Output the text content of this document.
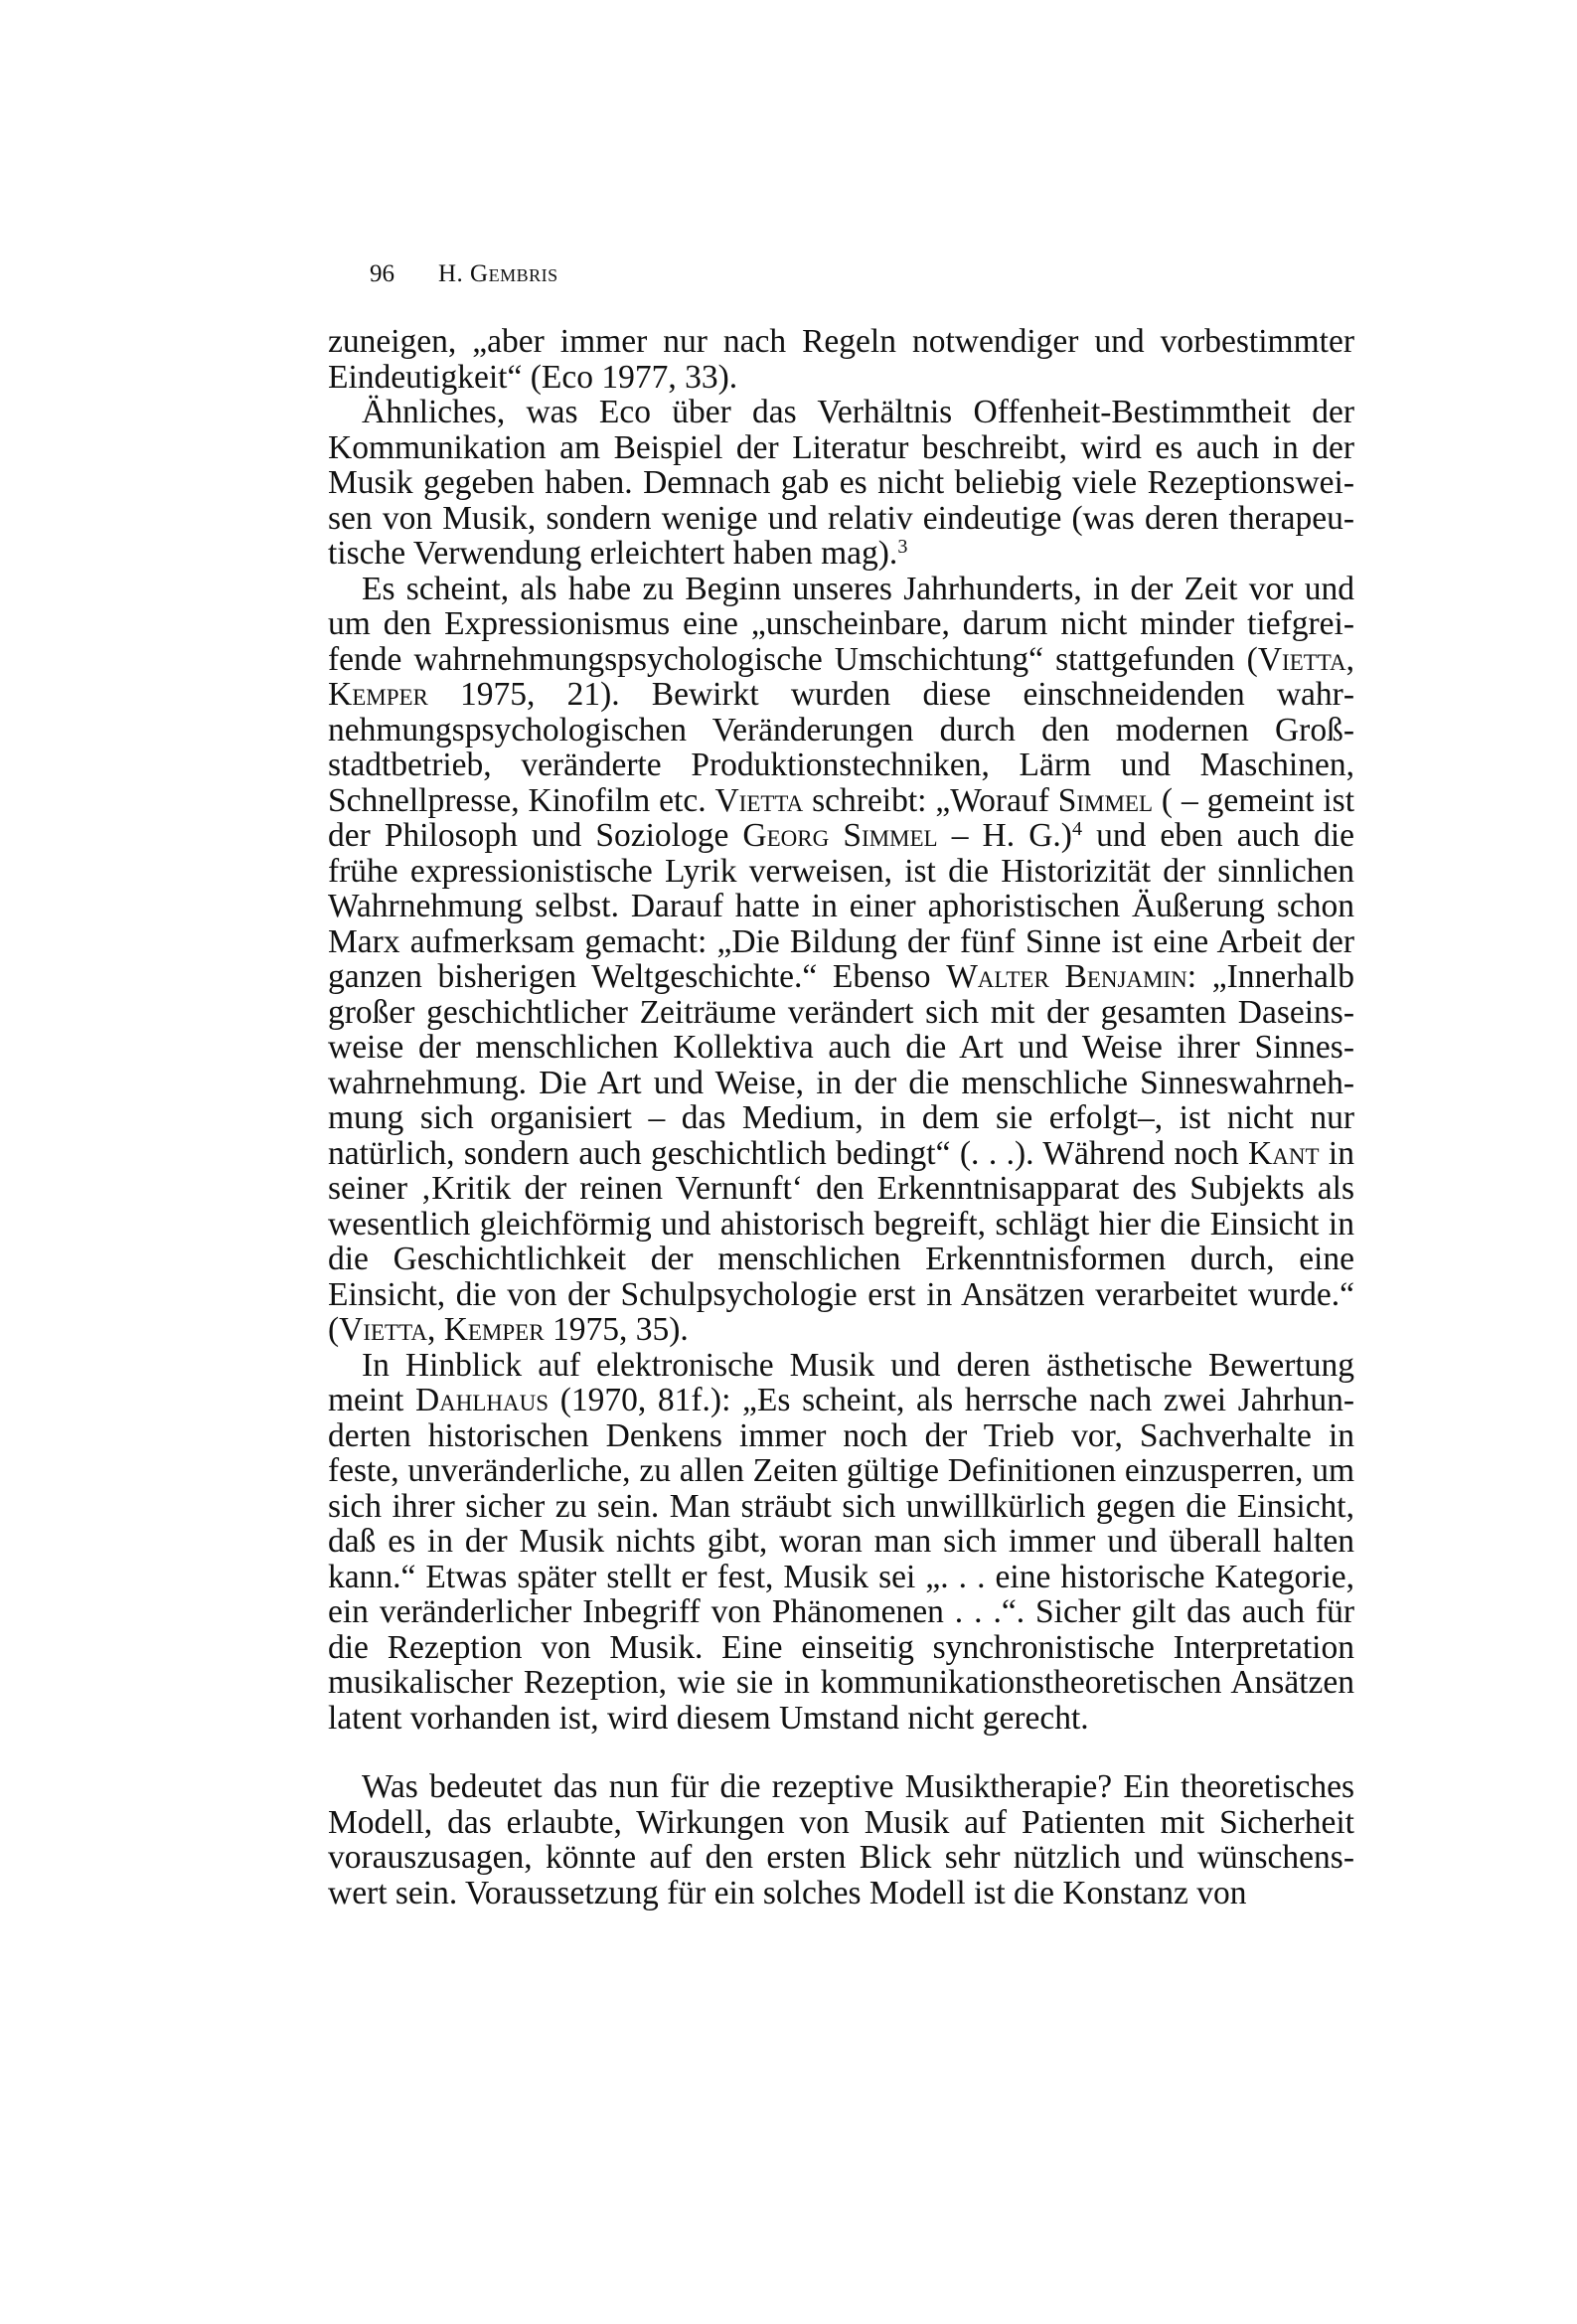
96 H. Gembris

zuneigen, „aber immer nur nach Regeln notwendiger und vorbestimmter Eindeutigkeit“ (Eco 1977, 33).

Ähnliches, was Eco über das Verhältnis Offenheit-Bestimmtheit der Kommunikation am Beispiel der Literatur beschreibt, wird es auch in der Musik gegeben haben. Demnach gab es nicht beliebig viele Rezeptionsweisen von Musik, sondern wenige und relativ eindeutige (was deren therapeutische Verwendung erleichtert haben mag).$^3$

Es scheint, als habe zu Beginn unseres Jahrhunderts, in der Zeit vor und um den Expressionismus eine „unscheinbare, darum nicht minder tiefgreifende wahrnehmungspsychologische Umschichtung“ stattgefunden (Vietta, Kemper 1975, 21). Bewirkt wurden diese einschneidenden wahrnehmungspsychologischen Veränderungen durch den modernen Großstadtbetrieb, veränderte Produktionstechniken, Lärm und Maschinen, Schnellpresse, Kinofilm etc. Vietta schreibt: „Worauf Simmel ( – gemeint ist der Philosoph und Soziologe Georg Simmel – H. G.)$^4$ und eben auch die frühe expressionistische Lyrik verweisen, ist die Historizität der sinnlichen Wahrnehmung selbst. Darauf hatte in einer aphoristischen Äußerung schon Marx aufmerksam gemacht: „Die Bildung der fünf Sinne ist eine Arbeit der ganzen bisherigen Weltgeschichte.“ Ebenso Walter Benjamin: „Innerhalb großer geschichtlicher Zeiträume verändert sich mit der gesamten Daseinsweise der menschlichen Kollektiva auch die Art und Weise ihrer Sinneswahrnehmung. Die Art und Weise, in der die menschliche Sinneswahrnehmung sich organisiert – das Medium, in dem sie erfolgt–, ist nicht nur natürlich, sondern auch geschichtlich bedingt“ (. . .). Während noch Kant in seiner ‚Kritik der reinen Vernunft‘ den Erkenntnisapparat des Subjekts als wesentlich gleichförmig und ahistorisch begreift, schlägt hier die Einsicht in die Geschichtlichkeit der menschlichen Erkenntnisformen durch, eine Einsicht, die von der Schulpsychologie erst in Ansätzen verarbeitet wurde.“ (Vietta, Kemper 1975, 35).

In Hinblick auf elektronische Musik und deren ästhetische Bewertung meint Dahlhaus (1970, 81f.): „Es scheint, als herrsche nach zwei Jahrhunderten historischen Denkens immer noch der Trieb vor, Sachverhalte in feste, unveränderliche, zu allen Zeiten gültige Definitionen einzusperren, um sich ihrer sicher zu sein. Man sträubt sich unwillkürlich gegen die Einsicht, daß es in der Musik nichts gibt, woran man sich immer und überall halten kann.“ Etwas später stellt er fest, Musik sei „. . . eine historische Kategorie, ein veränderlicher Inbegriff von Phänomenen . . .“. Sicher gilt das auch für die Rezeption von Musik. Eine einseitig synchronistische Interpretation musikalischer Rezeption, wie sie in kommunikationstheoretischen Ansätzen latent vorhanden ist, wird diesem Umstand nicht gerecht.

Was bedeutet das nun für die rezeptive Musiktherapie? Ein theoretisches Modell, das erlaubte, Wirkungen von Musik auf Patienten mit Sicherheit vorauszusagen, könnte auf den ersten Blick sehr nützlich und wünschenswert sein. Voraussetzung für ein solches Modell ist die Konstanz von
